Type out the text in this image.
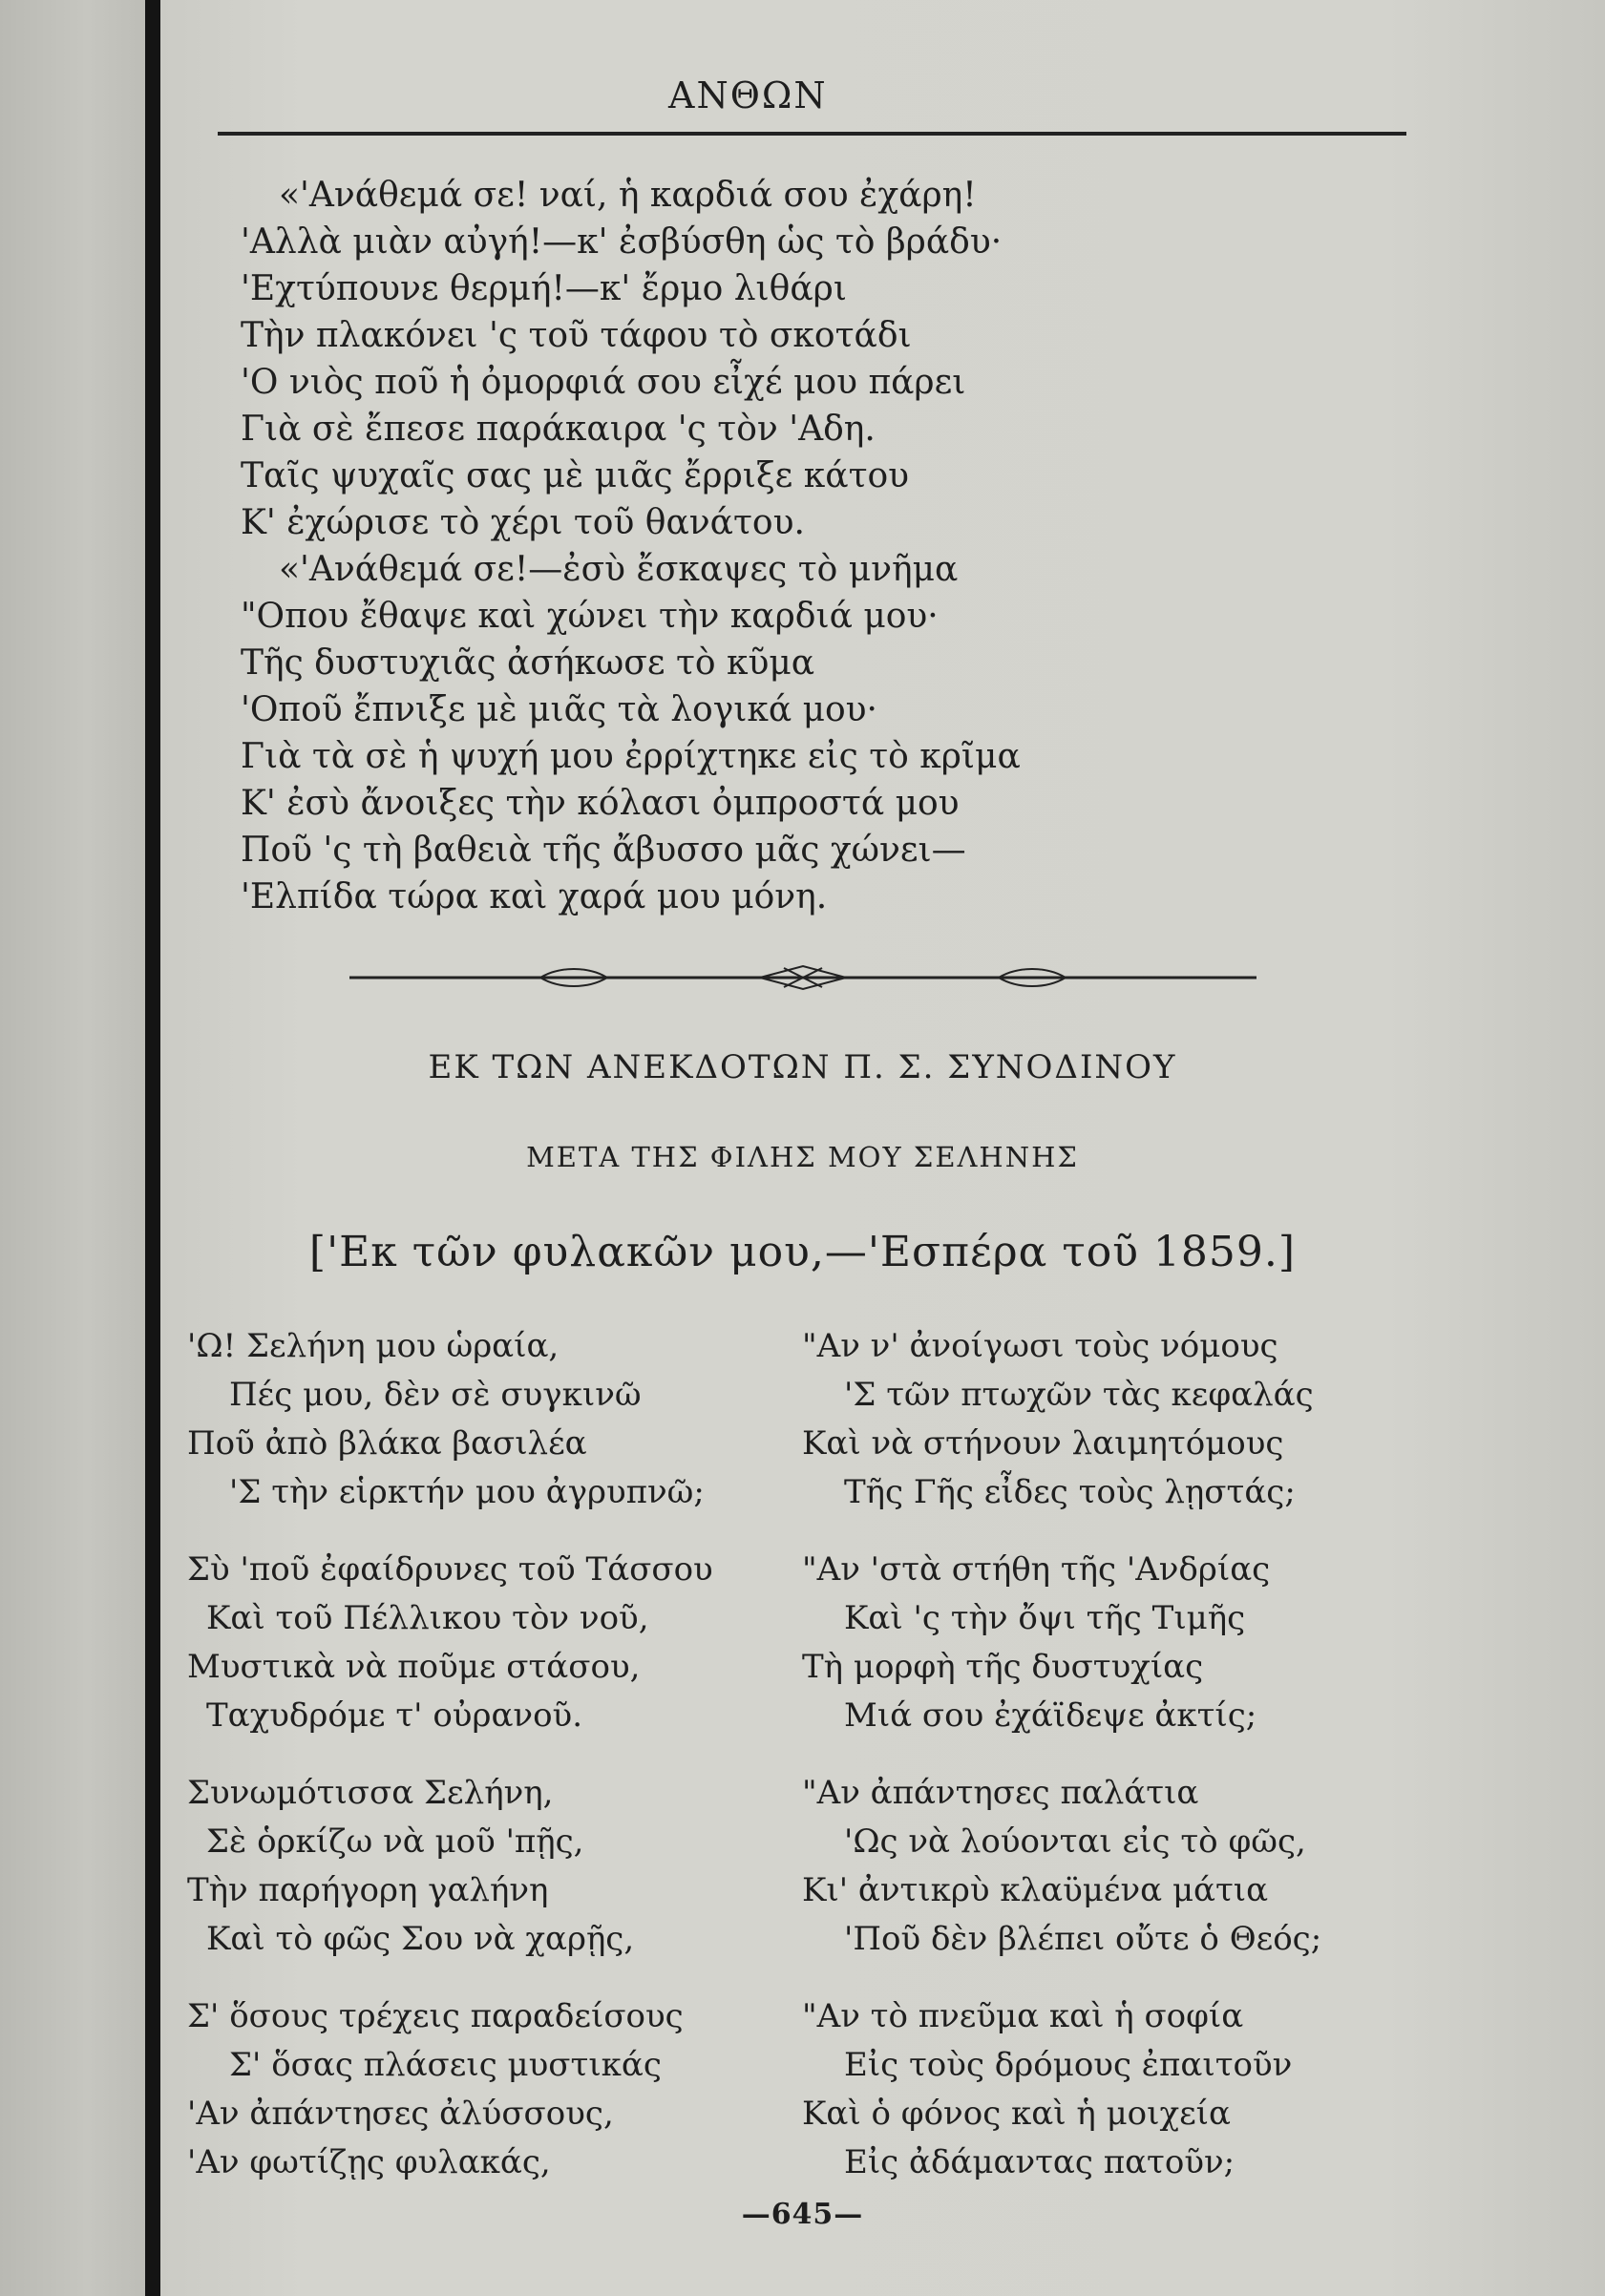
ΑΝΘΩΝ
«'Ανάθεμά σε! ναί, ἡ καρδιά σου ἐχάρη!
'Αλλὰ μιὰν αὐγή!—κ' ἐσβύσθη ὡς τὸ βράδυ·
'Εχτύπουνε θερμή!—κ' ἔρμο λιθάρι
Τὴν πλακόνει 'ς τοῦ τάφου τὸ σκοτάδι
'Ο νιὸς ποῦ ἡ ὀμορφιά σου εἶχέ μου πάρει
Γιὰ σὲ ἔπεσε παράκαιρα 'ς τὸν 'Αδη.
Ταῖς ψυχαῖς σας μὲ μιᾶς ἔρριξε κάτου
Κ' ἐχώρισε τὸ χέρι τοῦ θανάτου.
«'Ανάθεμά σε!—ἐσὺ ἔσκαψες τὸ μνῆμα
"Οπου ἔθαψε καὶ χώνει τὴν καρδιά μου·
Τῆς δυστυχιᾶς ἀσήκωσε τὸ κῦμα
'Οποῦ ἔπνιξε μὲ μιᾶς τὰ λογικά μου·
Γιὰ τὰ σὲ ἡ ψυχή μου ἐρρίχτηκε εἰς τὸ κρῖμα
Κ' ἐσὺ ἄνοιξες τὴν κόλασι ὀμπροστά μου
Ποῦ 'ς τὴ βαθειὰ τῆς ἄβυσσο μᾶς χώνει—
'Ελπίδα τώρα καὶ χαρά μου μόνη.
ΕΚ ΤΩΝ ΑΝΕΚΔΟΤΩΝ Π. Σ. ΣΥΝΟΔΙΝΟΥ
ΜΕΤΑ ΤΗΣ ΦΙΛΗΣ ΜΟΥ ΣΕΛΗΝΗΣ
['Εκ τῶν φυλακῶν μου,—'Εσπέρα τοῦ 1859.]
'Ω! Σελήνη μου ὡραία,
Πές μου, δὲν σὲ συγκινῶ
Ποῦ ἀπὸ βλάκα βασιλέα
'Σ τὴν εἱρκτήν μου ἀγρυπνῶ;
Σὺ 'ποῦ ἐφαίδρυνες τοῦ Τάσσου
Καὶ τοῦ Πέλλικου τὸν νοῦ,
Μυστικὰ νὰ ποῦμε στάσου,
Ταχυδρόμε τ' οὐρανοῦ.
Συνωμότισσα Σελήνη,
Σὲ ὁρκίζω νὰ μοῦ 'πῇς,
Τὴν παρήγορη γαλήνη
Καὶ τὸ φῶς Σου νὰ χαρῇς,
Σ' ὅσους τρέχεις παραδείσους
Σ' ὅσας πλάσεις μυστικάς
'Αν ἀπάντησες ἀλύσσους,
'Αν φωτίζῃς φυλακάς,
"Αν ν' ἀνοίγωσι τοὺς νόμους
'Σ τῶν πτωχῶν τὰς κεφαλάς
Καὶ νὰ στήνουν λαιμητόμους
Τῆς Γῆς εἶδες τοὺς λῃστάς;
"Αν 'στὰ στήθη τῆς 'Ανδρίας
Καὶ 'ς τὴν ὄψι τῆς Τιμῆς
Τὴ μορφὴ τῆς δυστυχίας
Μιά σου ἐχάϊδεψε ἀκτίς;
"Αν ἀπάντησες παλάτια
'Ως νὰ λούονται εἰς τὸ φῶς,
Κι' ἀντικρὺ κλαϋμένα μάτια
'Ποῦ δὲν βλέπει οὔτε ὁ Θεός;
"Αν τὸ πνεῦμα καὶ ἡ σοφία
Εἰς τοὺς δρόμους ἐπαιτοῦν
Καὶ ὁ φόνος καὶ ἡ μοιχεία
Εἰς ἀδάμαντας πατοῦν;
—645—
